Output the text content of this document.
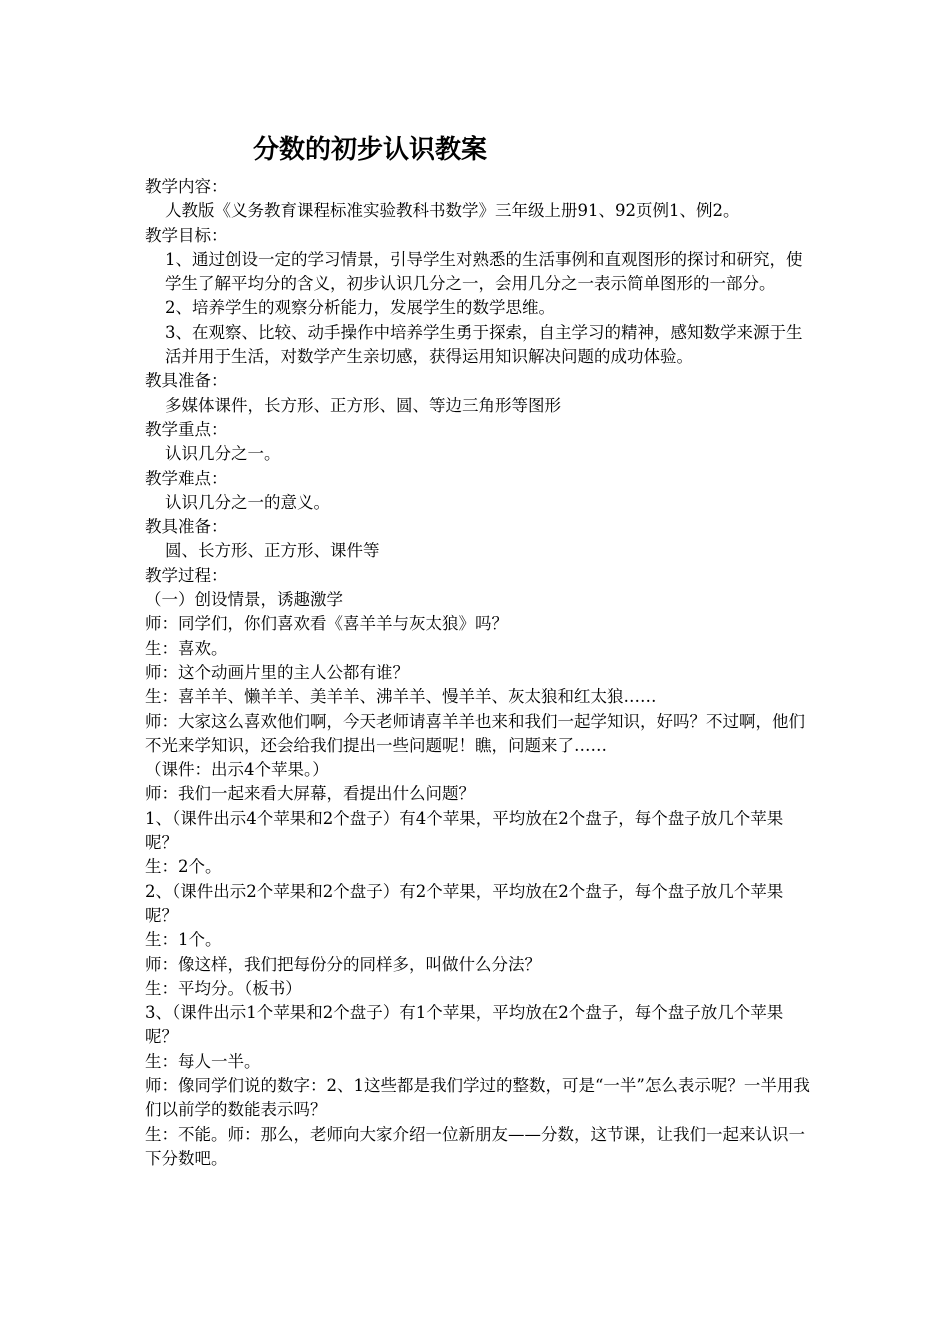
分数的初步认识教案

教学内容：

人教版《义务教育课程标准实验教科书数学》三年级上册91、92页例1、例2。

教学目标：

1、通过创设一定的学习情景，引导学生对熟悉的生活事例和直观图形的探讨和研究，使学生了解平均分的含义，初步认识几分之一，会用几分之一表示简单图形的一部分。

2、培养学生的观察分析能力，发展学生的数学思维。

3、在观察、比较、动手操作中培养学生勇于探索，自主学习的精神，感知数学来源于生活并用于生活，对数学产生亲切感，获得运用知识解决问题的成功体验。

教具准备：

多媒体课件，长方形、正方形、圆、等边三角形等图形

教学重点：

认识几分之一。

教学难点：

认识几分之一的意义。

教具准备：

圆、长方形、正方形、课件等

教学过程：

（一）创设情景，诱趣激学

师：同学们，你们喜欢看《喜羊羊与灰太狼》吗？

生：喜欢。

师：这个动画片里的主人公都有谁？

生：喜羊羊、懒羊羊、美羊羊、沸羊羊、慢羊羊、灰太狼和红太狼……

师：大家这么喜欢他们啊，今天老师请喜羊羊也来和我们一起学知识，好吗？不过啊，他们不光来学知识，还会给我们提出一些问题呢！瞧，问题来了……

（课件：出示4个苹果。）

师：我们一起来看大屏幕，看提出什么问题？

1、（课件出示4个苹果和2个盘子）有4个苹果，平均放在2个盘子，每个盘子放几个苹果呢？

生：2个。

2、（课件出示2个苹果和2个盘子）有2个苹果，平均放在2个盘子，每个盘子放几个苹果呢？

生：1个。

师：像这样，我们把每份分的同样多，叫做什么分法？

生：平均分。（板书）

3、（课件出示1个苹果和2个盘子）有1个苹果，平均放在2个盘子，每个盘子放几个苹果呢？

生：每人一半。

师：像同学们说的数字：2、1这些都是我们学过的整数，可是“一半”怎么表示呢？一半用我们以前学的数能表示吗？

生：不能。师：那么，老师向大家介绍一位新朋友——分数，这节课，让我们一起来认识一下分数吧。
